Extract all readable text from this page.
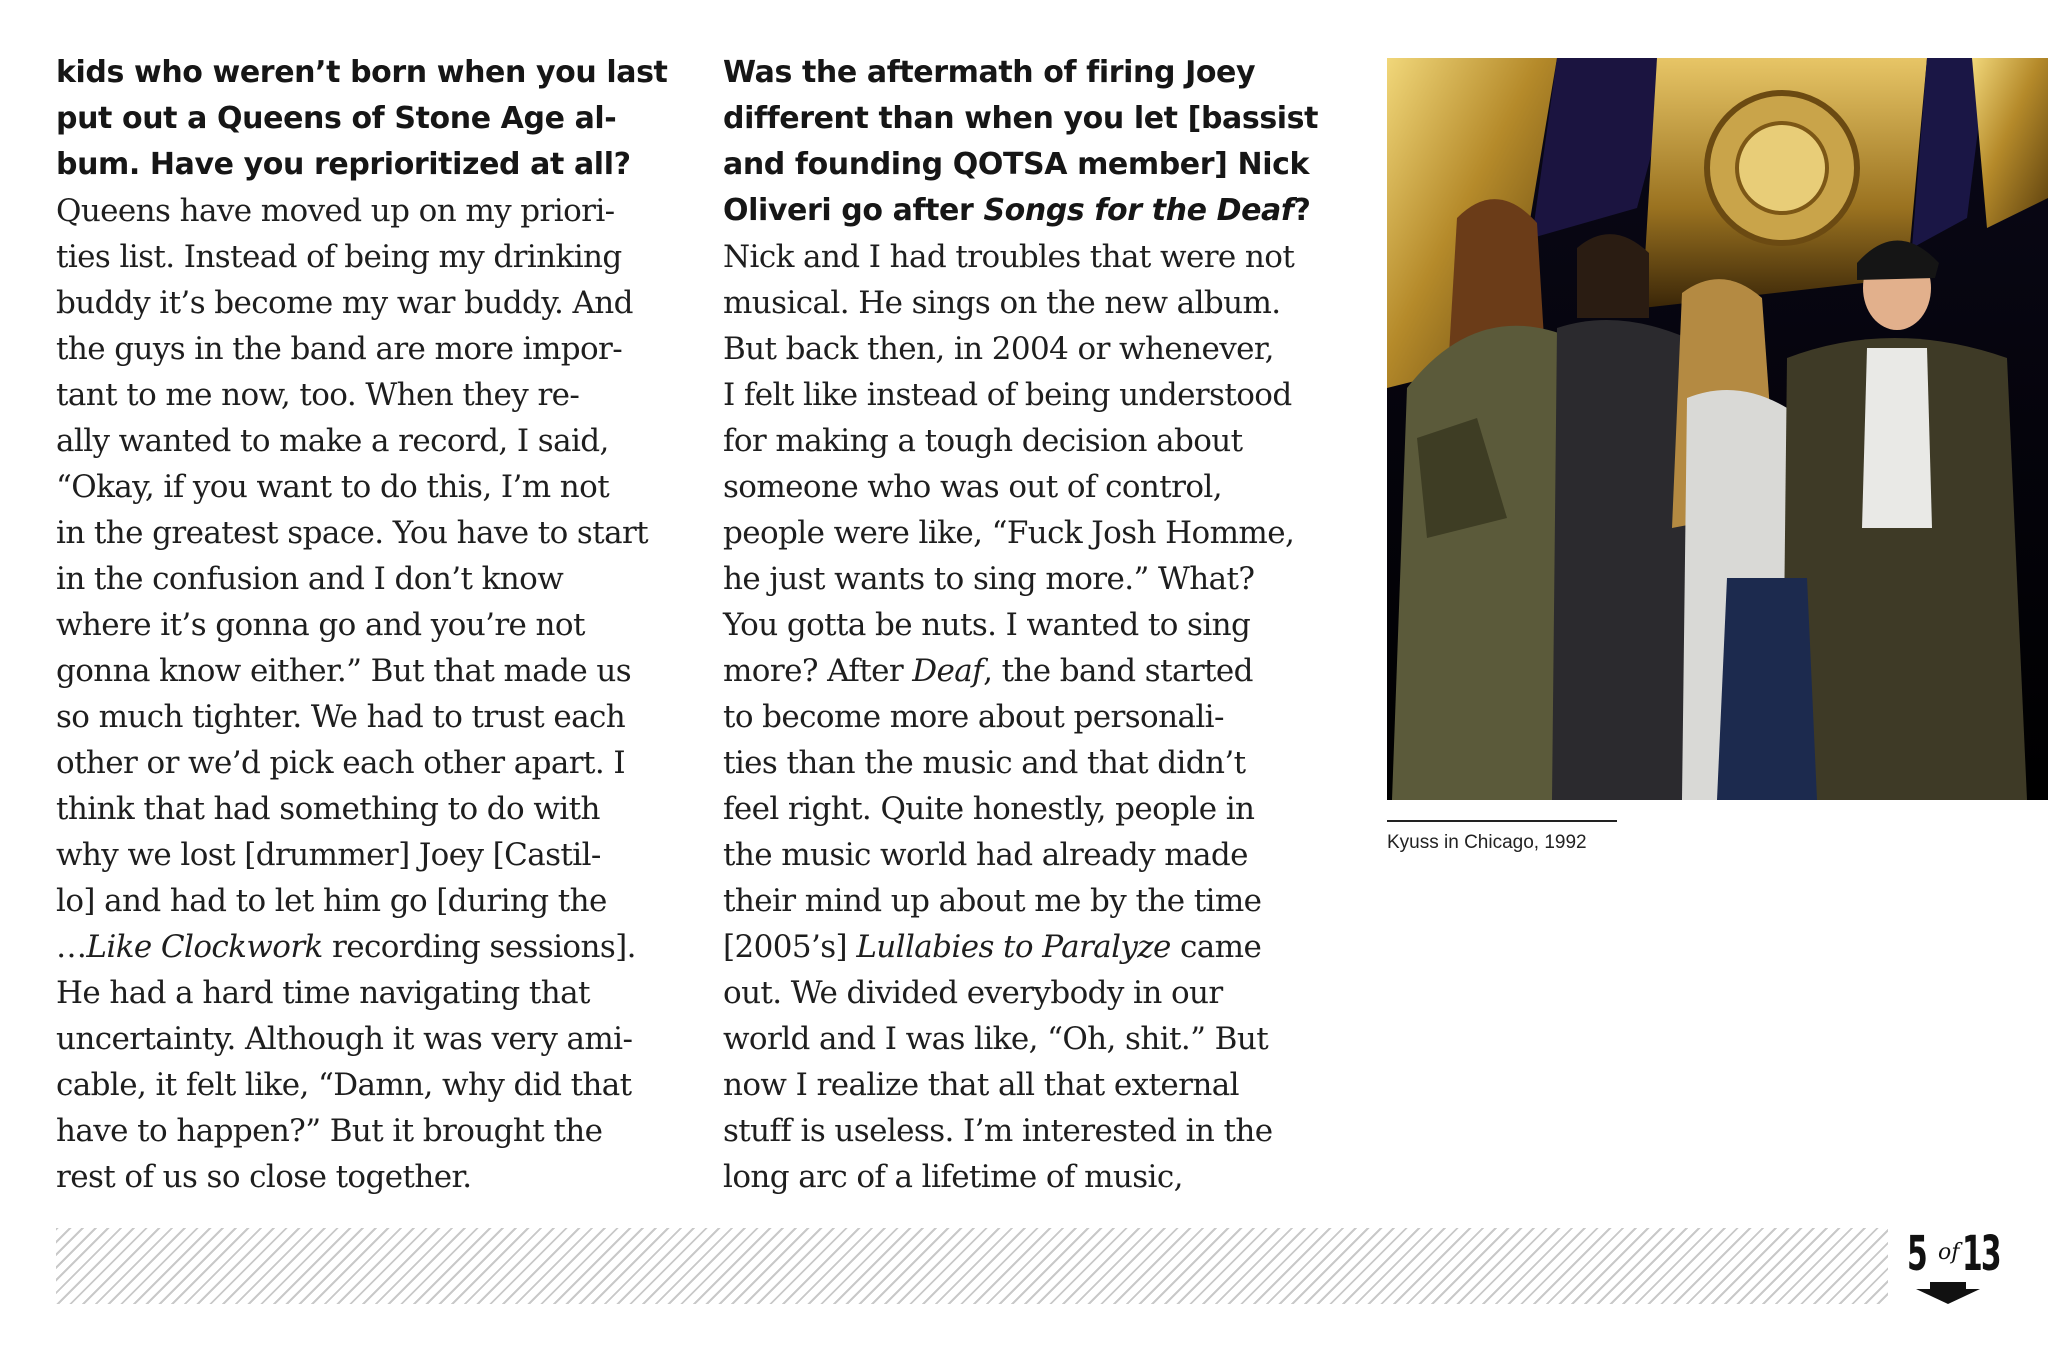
kids who weren’t born when you last
put out a Queens of Stone Age al-
bum. Have you reprioritized at all?
Queens have moved up on my priori-
ties list. Instead of being my drinking
buddy it’s become my war buddy. And
the guys in the band are more impor-
tant to me now, too. When they re-
ally wanted to make a record, I said,
“Okay, if you want to do this, I’m not
in the greatest space. You have to start
in the confusion and I don’t know
where it’s gonna go and you’re not
gonna know either.” But that made us
so much tighter. We had to trust each
other or we’d pick each other apart. I
think that had something to do with
why we lost [drummer] Joey [Castil-
lo] and had to let him go [during the
…Like Clockwork recording sessions].
He had a hard time navigating that
uncertainty. Although it was very ami-
cable, it felt like, “Damn, why did that
have to happen?” But it brought the
rest of us so close together.
Was the aftermath of firing Joey
different than when you let [bassist
and founding QOTSA member] Nick
Oliveri go after Songs for the Deaf?
Nick and I had troubles that were not
musical. He sings on the new album.
But back then, in 2004 or whenever,
I felt like instead of being understood
for making a tough decision about
someone who was out of control,
people were like, “Fuck Josh Homme,
he just wants to sing more.” What?
You gotta be nuts. I wanted to sing
more? After Deaf, the band started
to become more about personali-
ties than the music and that didn’t
feel right. Quite honestly, people in
the music world had already made
their mind up about me by the time
[2005’s] Lullabies to Paralyze came
out. We divided everybody in our
world and I was like, “Oh, shit.” But
now I realize that all that external
stuff is useless. I’m interested in the
long arc of a lifetime of music,
Kyuss in Chicago, 1992
5 of 13
